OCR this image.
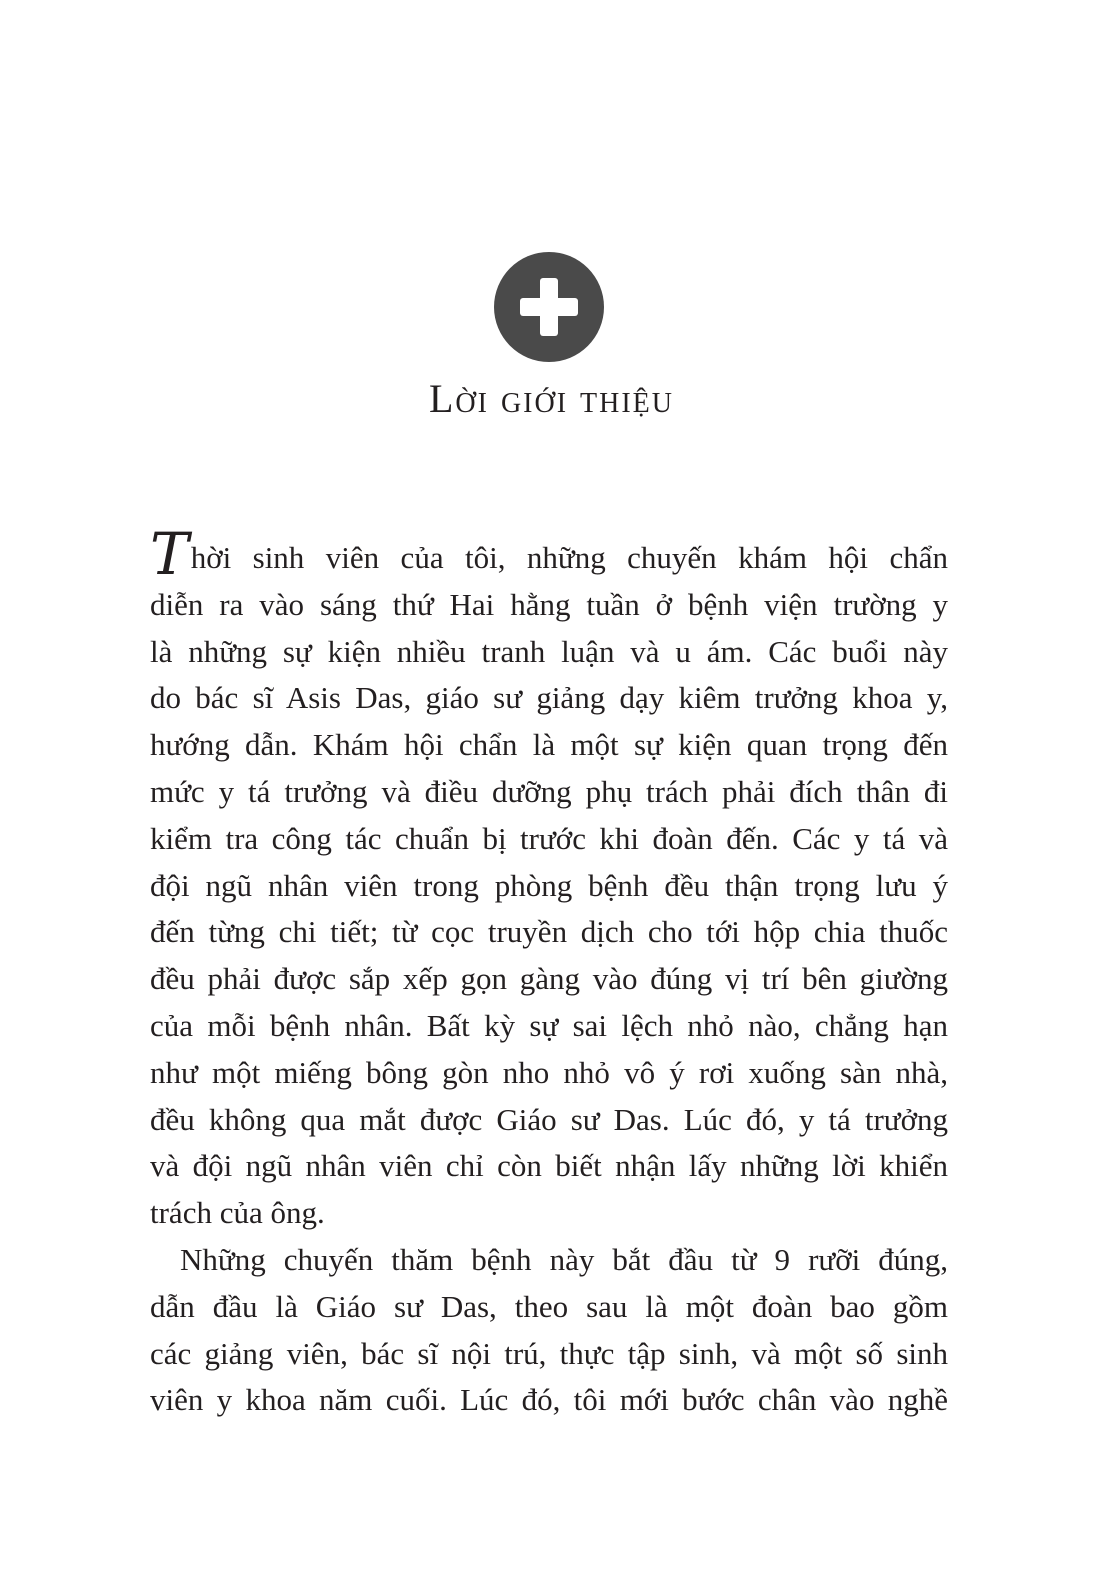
Lời giới thiệu
Thời sinh viên của tôi, những chuyến khám hội chẩn
diễn ra vào sáng thứ Hai hằng tuần ở bệnh viện trường y
là những sự kiện nhiều tranh luận và u ám. Các buổi này
do bác sĩ Asis Das, giáo sư giảng dạy kiêm trưởng khoa y,
hướng dẫn. Khám hội chẩn là một sự kiện quan trọng đến
mức y tá trưởng và điều dưỡng phụ trách phải đích thân đi
kiểm tra công tác chuẩn bị trước khi đoàn đến. Các y tá và
đội ngũ nhân viên trong phòng bệnh đều thận trọng lưu ý
đến từng chi tiết; từ cọc truyền dịch cho tới hộp chia thuốc
đều phải được sắp xếp gọn gàng vào đúng vị trí bên giường
của mỗi bệnh nhân. Bất kỳ sự sai lệch nhỏ nào, chẳng hạn
như một miếng bông gòn nho nhỏ vô ý rơi xuống sàn nhà,
đều không qua mắt được Giáo sư Das. Lúc đó, y tá trưởng
và đội ngũ nhân viên chỉ còn biết nhận lấy những lời khiển
trách của ông.
Những chuyến thăm bệnh này bắt đầu từ 9 rưỡi đúng,
dẫn đầu là Giáo sư Das, theo sau là một đoàn bao gồm
các giảng viên, bác sĩ nội trú, thực tập sinh, và một số sinh
viên y khoa năm cuối. Lúc đó, tôi mới bước chân vào nghề
